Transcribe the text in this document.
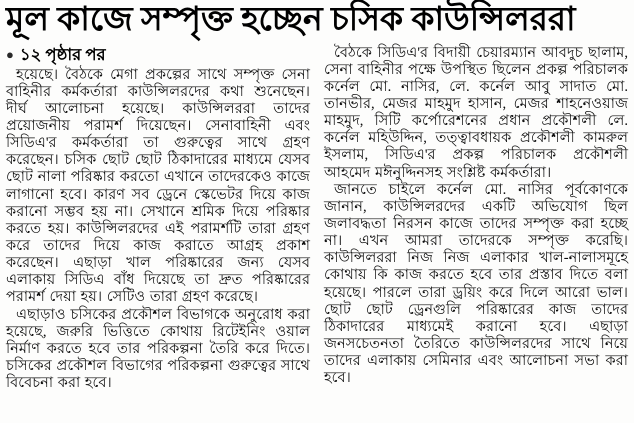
মূল কাজে সম্পৃক্ত হচ্ছেন চসিক কাউন্সিলররা
● ১২ পৃষ্ঠার পর

হয়েছে। বৈঠকে মেগা প্রকল্পের সাথে সম্পৃক্ত সেনা বাহিনীর কর্মকর্তারা কাউন্সিলরদের কথা শুনেছেন। দীর্ঘ আলোচনা হয়েছে। কাউন্সিলররা তাদের প্রয়োজনীয় পরামর্শ দিয়েছেন। সেনাবাহিনী এবং সিডিএ'র কর্মকর্তারা তা গুরুত্বের সাথে গ্রহণ করেছেন। চসিক ছোট ছোট ঠিকাদারের মাধ্যমে যেসব ছোট নালা পরিষ্কার করতো এখানে তাদেরকেও কাজে লাগানো হবে। কারণ সব ড্রেনে স্কেভেটর দিয়ে কাজ করানো সম্ভব হয় না। সেখানে শ্রমিক দিয়ে পরিষ্কার করতে হয়। কাউন্সিলরদের এই পরামর্শটি তারা গ্রহণ করে তাদের দিয়ে কাজ করাতে আগ্রহ প্রকাশ করেছেন। এছাড়া খাল পরিষ্কারের জন্য যেসব এলাকায় সিডিএ বাঁধ দিয়েছে তা দ্রুত পরিষ্কারের পরামর্শ দেয়া হয়। সেটিও তারা গ্রহণ করেছে।

এছাড়াও চসিকের প্রকৌশল বিভাগকে অনুরোধ করা হয়েছে, জরুরি ভিত্তিতে কোথায় রিটেইনিং ওয়াল নির্মাণ করতে হবে তার পরিকল্পনা তৈরি করে দিতে। চসিকের প্রকৌশল বিভাগের পরিকল্পনা গুরুত্বের সাথে বিবেচনা করা হবে।

বৈঠকে সিডিএ'র বিদায়ী চেয়ারম্যান আবদুচ ছালাম, সেনা বাহিনীর পক্ষে উপস্থিত ছিলেন প্রকল্প পরিচালক কর্নেল মো. নাসির, লে. কর্নেল আবু সাদাত মো. তানভীর, মেজর মাহমুদ হাসান, মেজর শাহনেওয়াজ মাহমুদ, সিটি কর্পোরেশনের প্রধান প্রকৌশলী লে. কর্নেল মহিউদ্দিন, তত্ত্বাবধায়ক প্রকৌশলী কামরুল ইসলাম, সিডিএ'র প্রকল্প পরিচালক প্রকৌশলী আহমেদ মঈনুদ্দিনসহ সংশ্লিষ্ট কর্মকর্তারা।

জানতে চাইলে কর্নেল মো. নাসির পূর্বকোণকে জানান, কাউন্সিলরদের একটি অভিযোগ ছিল জলাবদ্ধতা নিরসন কাজে তাদের সম্পৃক্ত করা হচ্ছে না। এখন আমরা তাদেরকে সম্পৃক্ত করেছি। কাউন্সিলররা নিজ নিজ এলাকার খাল-নালাসমূহে কোথায় কি কাজ করতে হবে তার প্রস্তাব দিতে বলা হয়েছে। পারলে তারা ড্রয়িং করে দিলে আরো ভাল। ছোট ছোট ড্রেনগুলি পরিষ্কারের কাজ তাদের ঠিকাদারের মাধ্যমেই করানো হবে। এছাড়া জনসচেতনতা তৈরিতে কাউন্সিলরদের সাথে নিয়ে তাদের এলাকায় সেমিনার এবং আলোচনা সভা করা হবে।
